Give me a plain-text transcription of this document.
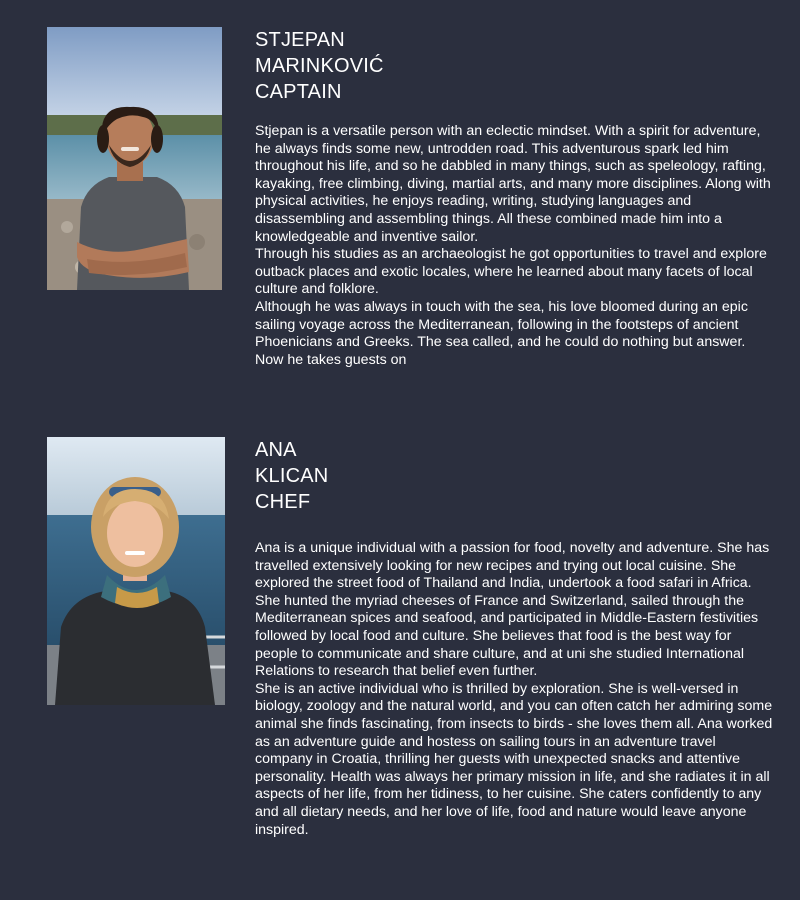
STJEPAN
MARINKOVIĆ
CAPTAIN

Stjepan is a versatile person with an eclectic mindset. With a spirit for adventure, he always finds some new, untrodden road. This adventurous spark led him throughout his life, and so he dabbled in many things, such as speleology, rafting, kayaking, free climbing, diving, martial arts, and many more disciplines. Along with physical activities, he enjoys reading, writing, studying languages and disassembling and assembling things. All these combined made him into a knowledgeable and inventive sailor.

Through his studies as an archaeologist he got opportunities to travel and explore outback places and exotic locales, where he learned about many facets of local culture and folklore.

Although he was always in touch with the sea, his love bloomed during an epic sailing voyage across the Mediterranean, following in the footsteps of ancient Phoenicians and Greeks. The sea called, and he could do nothing but answer. Now he takes guests on

ANA
KLICAN
CHEF

Ana is a unique individual with a passion for food, novelty and adventure. She has travelled extensively looking for new recipes and trying out local cuisine. She explored the street food of Thailand and India, undertook a food safari in Africa. She hunted the myriad cheeses of France and Switzerland, sailed through the Mediterranean spices and seafood, and participated in Middle-Eastern festivities followed by local food and culture. She believes that food is the best way for people to communicate and share culture, and at uni she studied International Relations to research that belief even further.

She is an active individual who is thrilled by exploration. She is well-versed in biology, zoology and the natural world, and you can often catch her admiring some animal she finds fascinating, from insects to birds - she loves them all. Ana worked as an adventure guide and hostess on sailing tours in an adventure travel company in Croatia, thrilling her guests with unexpected snacks and attentive personality. Health was always her primary mission in life, and she radiates it in all aspects of her life, from her tidiness, to her cuisine. She caters confidently to any and all dietary needs, and her love of life, food and nature would leave anyone inspired.
